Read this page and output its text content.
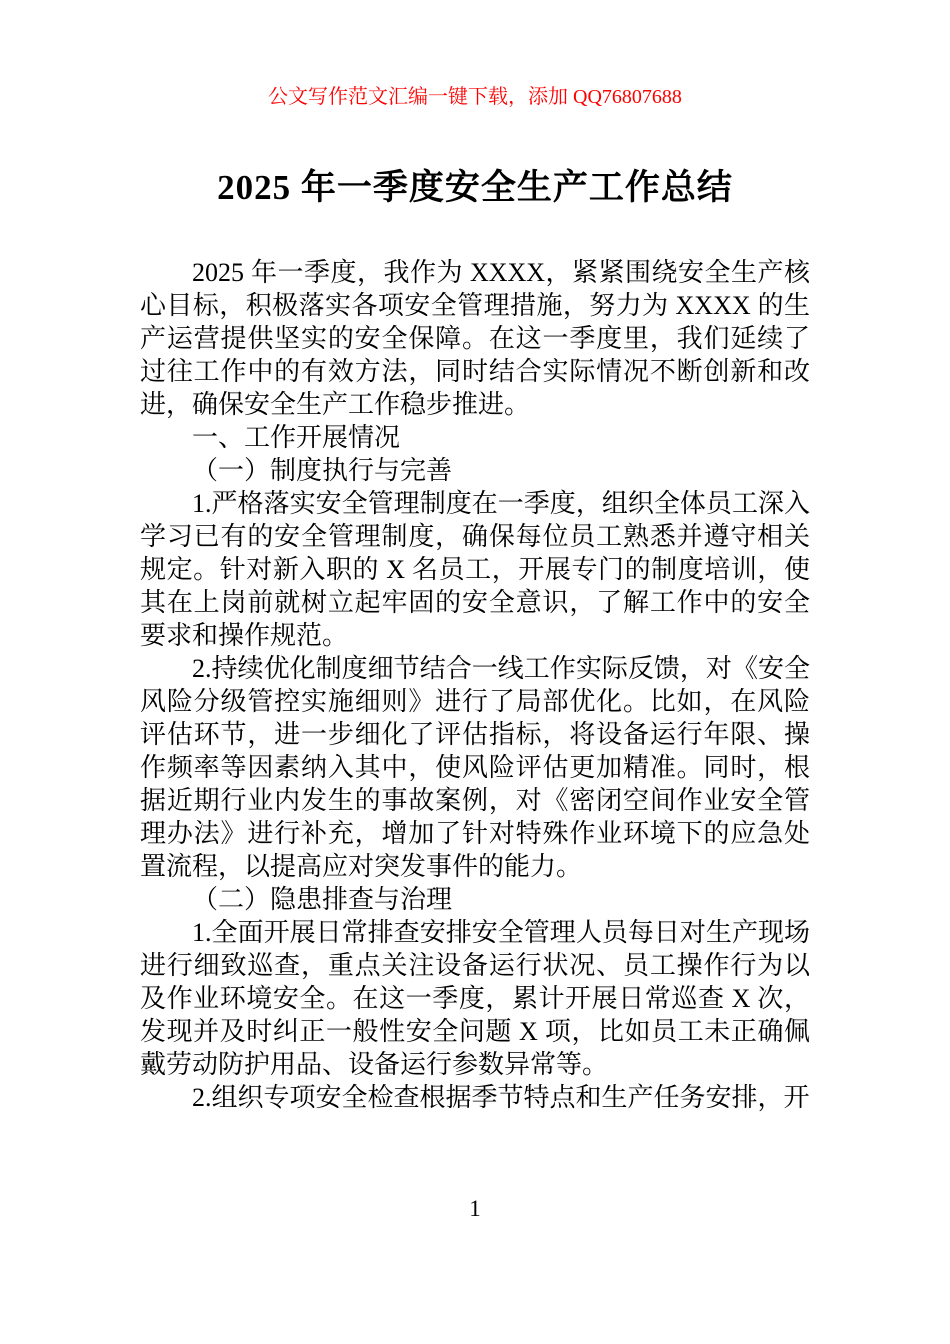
公文写作范文汇编一键下载，添加 QQ76807688
2025 年一季度安全生产工作总结

2025 年一季度，我作为 XXXX，紧紧围绕安全生产核心目标，积极落实各项安全管理措施，努力为 XXXX 的生产运营提供坚实的安全保障。在这一季度里，我们延续了过往工作中的有效方法，同时结合实际情况不断创新和改进，确保安全生产工作稳步推进。

一、工作开展情况

（一）制度执行与完善

1.严格落实安全管理制度在一季度，组织全体员工深入学习已有的安全管理制度，确保每位员工熟悉并遵守相关规定。针对新入职的 X 名员工，开展专门的制度培训，使其在上岗前就树立起牢固的安全意识，了解工作中的安全要求和操作规范。

2.持续优化制度细节结合一线工作实际反馈，对《安全风险分级管控实施细则》进行了局部优化。比如，在风险评估环节，进一步细化了评估指标，将设备运行年限、操作频率等因素纳入其中，使风险评估更加精准。同时，根据近期行业内发生的事故案例，对《密闭空间作业安全管理办法》进行补充，增加了针对特殊作业环境下的应急处置流程，以提高应对突发事件的能力。

（二）隐患排查与治理

1.全面开展日常排查安排安全管理人员每日对生产现场进行细致巡查，重点关注设备运行状况、员工操作行为以及作业环境安全。在这一季度，累计开展日常巡查 X 次，发现并及时纠正一般性安全问题 X 项，比如员工未正确佩戴劳动防护用品、设备运行参数异常等。

2.组织专项安全检查根据季节特点和生产任务安排，开

1
